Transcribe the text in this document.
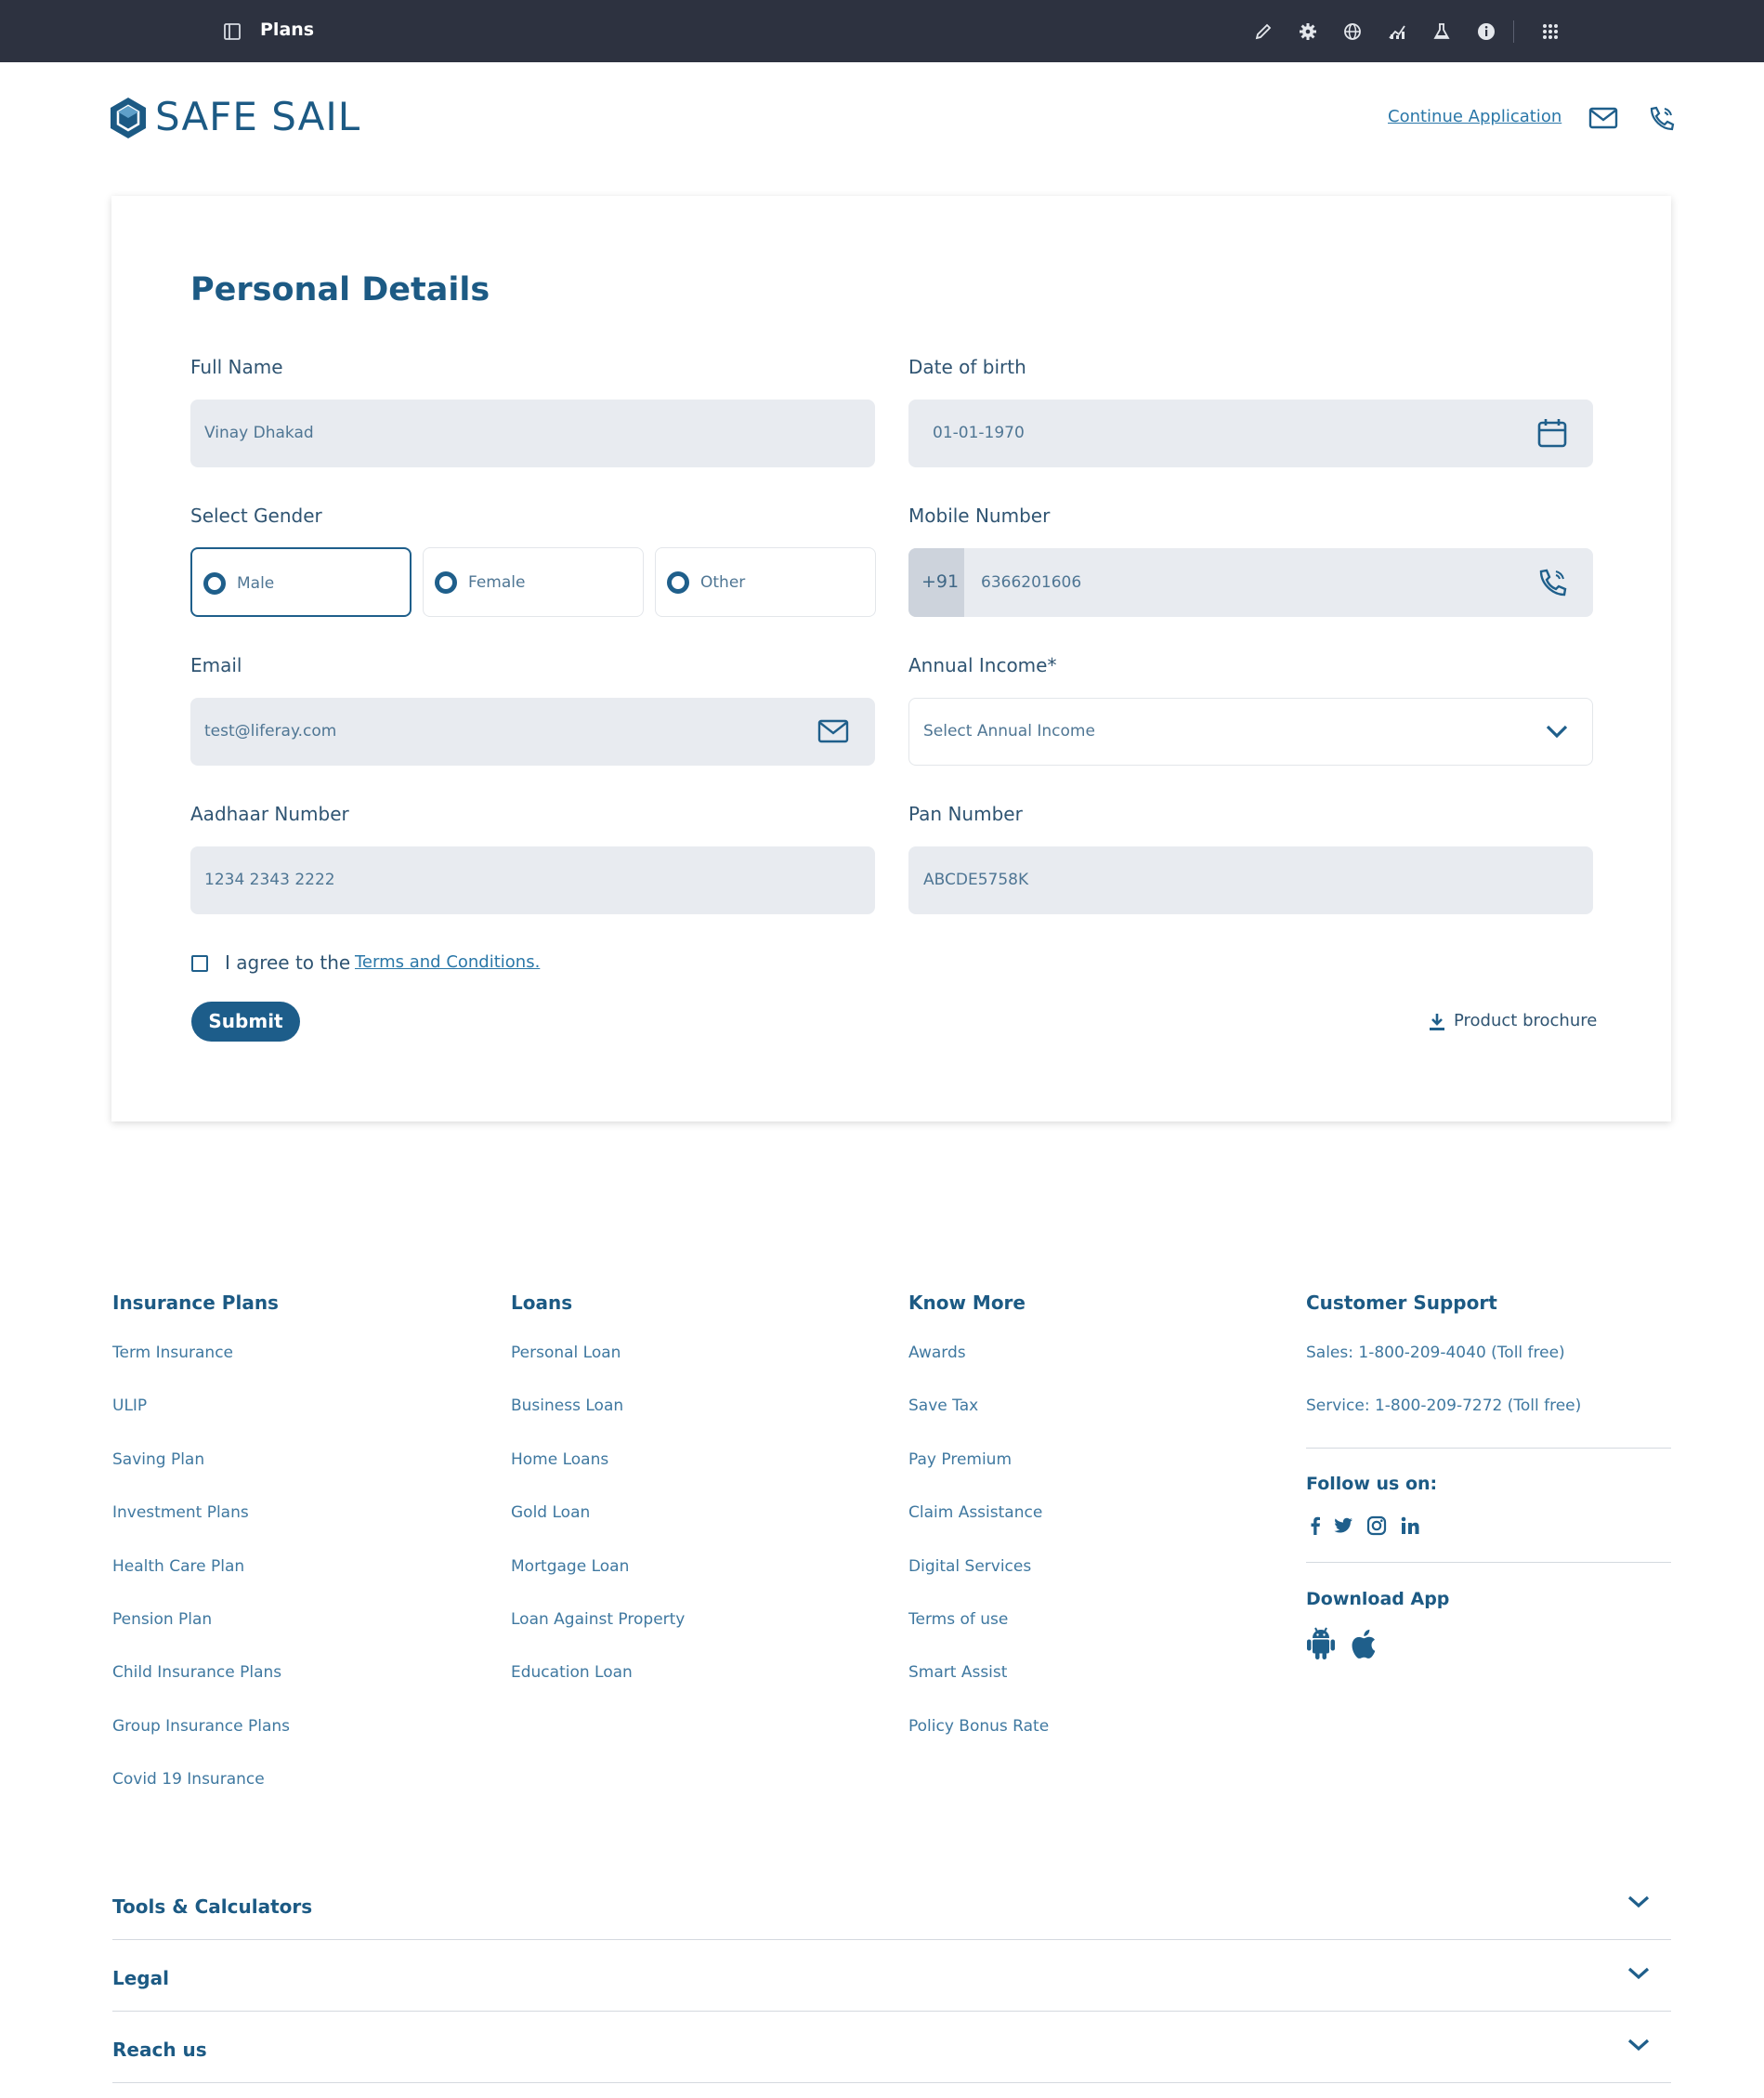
Plans
SAFE SAIL	Continue Application
Personal Details
Full Name
Vinay Dhakad
Date of birth
01-01-1970
Select Gender
Male	Female	Other
Mobile Number
+91 6366201606
Email
test@liferay.com
Annual Income*
Select Annual Income
Aadhaar Number
1234 2343 2222
Pan Number
ABCDE5758K
I agree to the Terms and Conditions.
Submit	Product brochure
Insurance Plans
Term Insurance
ULIP
Saving Plan
Investment Plans
Health Care Plan
Pension Plan
Child Insurance Plans
Group Insurance Plans
Covid 19 Insurance
Loans
Personal Loan
Business Loan
Home Loans
Gold Loan
Mortgage Loan
Loan Against Property
Education Loan
Know More
Awards
Save Tax
Pay Premium
Claim Assistance
Digital Services
Terms of use
Smart Assist
Policy Bonus Rate
Customer Support
Sales: 1-800-209-4040 (Toll free)
Service: 1-800-209-7272 (Toll free)
Follow us on:
Download App
Tools & Calculators
Legal
Reach us
